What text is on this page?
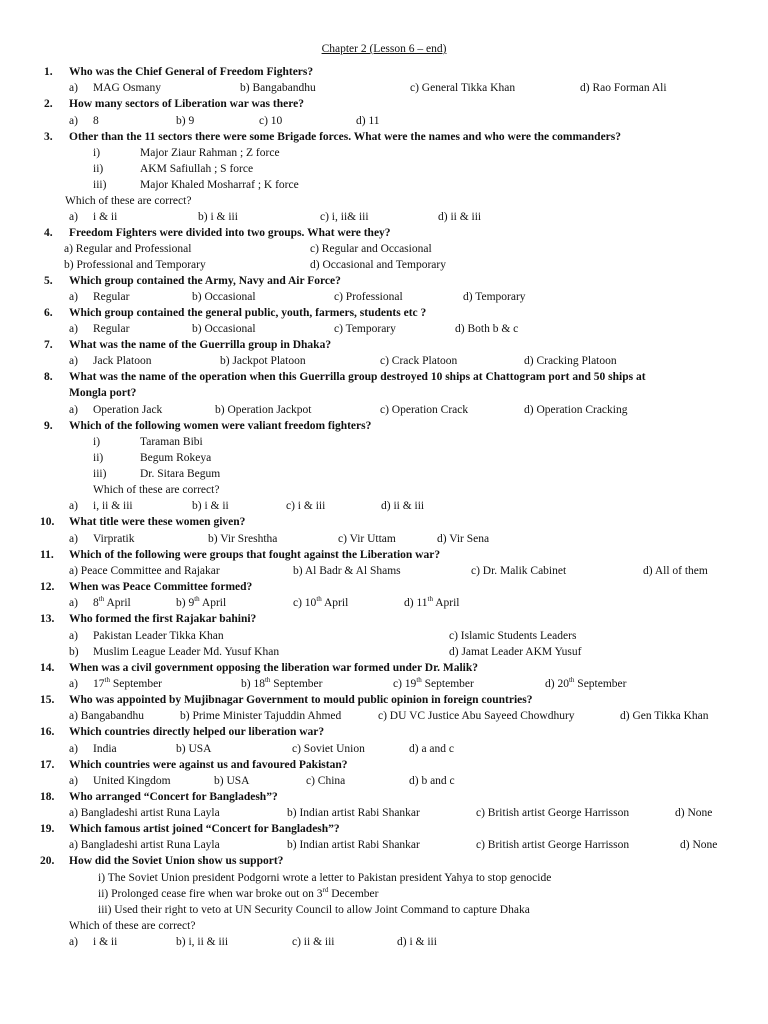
Chapter 2 (Lesson 6 – end)
1. Who was the Chief General of Freedom Fighters?
a) MAG Osmany	b) Bangabandhu	c) General Tikka Khan	d) Rao Forman Ali
2. How many sectors of Liberation war was there?
a) 8	b) 9	c) 10	d) 11
3. Other than the 11 sectors there were some Brigade forces. What were the names and who were the commanders?
i)	Major Ziaur Rahman ; Z force
ii)	AKM Safiullah ; S force
iii)	Major Khaled Mosharraf ; K force
Which of these are correct?
a) i & ii	b) i & iii	c) i, ii& iii	d) ii & iii
4. Freedom Fighters were divided into two groups. What were they?
a) Regular and Professional	c) Regular and Occasional
b) Professional and Temporary	d) Occasional and Temporary
5. Which group contained the Army, Navy and Air Force?
a) Regular	b) Occasional	c) Professional	d) Temporary
6. Which group contained the general public, youth, farmers, students etc ?
a) Regular	b) Occasional	c) Temporary	d) Both b & c
7. What was the name of the Guerrilla group in Dhaka?
a) Jack Platoon	b) Jackpot Platoon	c) Crack Platoon	d) Cracking Platoon
8. What was the name of the operation when this Guerrilla group destroyed 10 ships at Chattogram port and 50 ships at
Mongla port?
a) Operation Jack	b) Operation Jackpot	c) Operation Crack	d) Operation Cracking
9. Which of the following women were valiant freedom fighters?
i)	Taraman Bibi
ii)	Begum Rokeya
iii)	Dr. Sitara Begum
Which of these are correct?
a) i, ii & iii	b) i & ii	c) i & iii	d) ii & iii
10. What title were these women given?
a) Virpratik	b) Vir Sreshtha	c) Vir Uttam	d) Vir Sena
11. Which of the following were groups that fought against the Liberation war?
a) Peace Committee and Rajakar	b) Al Badr & Al Shams	c) Dr. Malik Cabinet	d) All of them
12. When was Peace Committee formed?
a) 8th April	b) 9th April	c) 10th April	d) 11th April
13. Who formed the first Rajakar bahini?
a) Pakistan Leader Tikka Khan	c) Islamic Students Leaders
b) Muslim League Leader Md. Yusuf Khan	d) Jamat Leader AKM Yusuf
14. When was a civil government opposing the liberation war formed under Dr. Malik?
a) 17th September	b) 18th September	c) 19th September	d) 20th September
15. Who was appointed by Mujibnagar Government to mould public opinion in foreign countries?
a) Bangabandhu	b) Prime Minister Tajuddin Ahmed	c) DU VC Justice Abu Sayeed Chowdhury	d) Gen Tikka Khan
16. Which countries directly helped our liberation war?
a) India	b) USA	c) Soviet Union	d) a and c
17. Which countries were against us and favoured Pakistan?
a) United Kingdom	b) USA	c) China	d) b and c
18. Who arranged “Concert for Bangladesh”?
a) Bangladeshi artist Runa Layla	b) Indian artist Rabi Shankar	c) British artist George Harrisson	d) None
19. Which famous artist joined “Concert for Bangladesh”?
a) Bangladeshi artist Runa Layla	b) Indian artist Rabi Shankar	c) British artist George Harrisson	d) None
20. How did the Soviet Union show us support?
i) The Soviet Union president Podgorni wrote a letter to Pakistan president Yahya to stop genocide
ii) Prolonged cease fire when war broke out on 3rd December
iii) Used their right to veto at UN Security Council to allow Joint Command to capture Dhaka
Which of these are correct?
a) i & ii	b) i, ii & iii	c) ii & iii	d) i & iii
